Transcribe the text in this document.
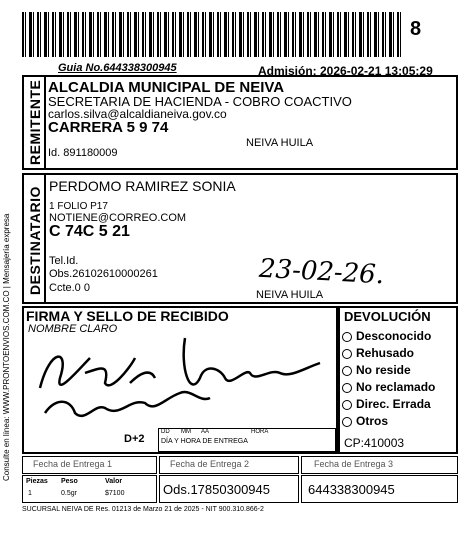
8
Guia No.644338300945	Admisión: 2026-02-21 13:05:29
Consulte en línea: WWW.PRONTOENVIOS.COM.CO | Mensajería expresa
REMITENTE ALCALDIA MUNICIPAL DE NEIVA
SECRETARIA DE HACIENDA - COBRO COACTIVO
carlos.silva@alcaldianeiva.gov.co
CARRERA 5 9 74
NEIVA HUILA
Id. 891180009
DESTINATARIO
PERDOMO RAMIREZ SONIA
1 FOLIO P17
NOTIENE@CORREO.COM
C 74C 5 21
Tel.Id.
Obs.26102610000261
Ccte.0 0	23-02-26.
NEIVA HUILA
FIRMA Y SELLO DE RECIBIDO
NOMBRE CLARO
D+2
DD MM AA	HORA
DÍA Y HORA DE ENTREGA
DEVOLUCIÓN
Desconocido
Rehusado
No reside
No reclamado
Direc. Errada
Otros
CP:410003
Fecha de Entrega 1	Fecha de Entrega 2	Fecha de Entrega 3
Piezas Peso	Valor
1	0.5gr	$7100	Ods.17850300945	644338300945
SUCURSAL NEIVA DE Res. 01213 de Marzo 21 de 2025 - NIT 900.310.866-2
